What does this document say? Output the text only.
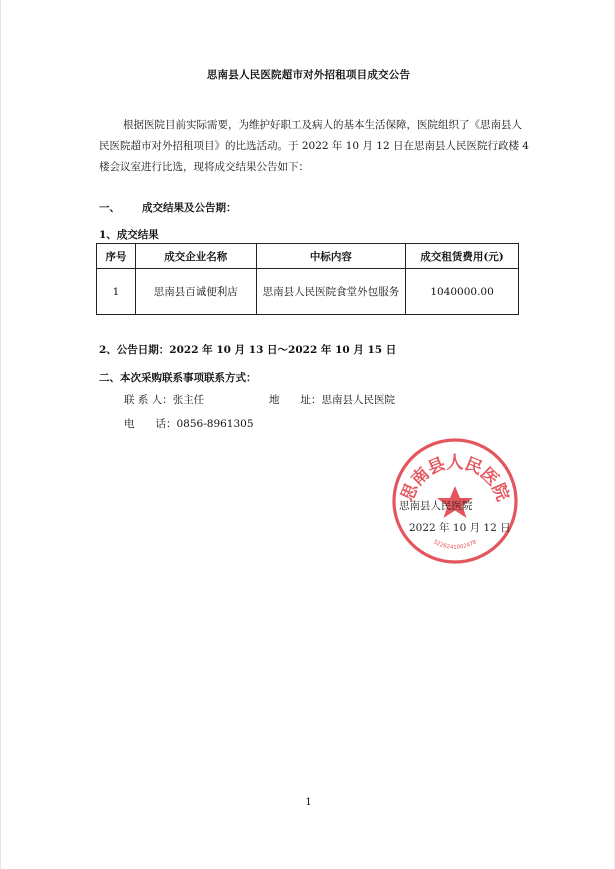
思南县人民医院超市对外招租项目成交公告
根据医院目前实际需要，为维护好职工及病人的基本生活保障，医院组织了《思南县人民医院超市对外招租项目》的比选活动。于 2022 年 10 月 12 日在思南县人民医院行政楼 4 楼会议室进行比选，现将成交结果公告如下：
一、 成交结果及公告期：
1、成交结果
序号	成交企业名称	中标内容	成交租赁费用(元)
1	思南县百诚便利店	思南县人民医院食堂外包服务	1040000.00
2、公告日期：2022 年 10 月 13 日～2022 年 10 月 15 日
二、本次采购联系事项联系方式：
联 系 人：张主任	地　　址：思南县人民医院
电　　话：0856-8961305
思南县人民医院
5226241002478
思南县人民医院
2022 年 10 月 12 日
1
